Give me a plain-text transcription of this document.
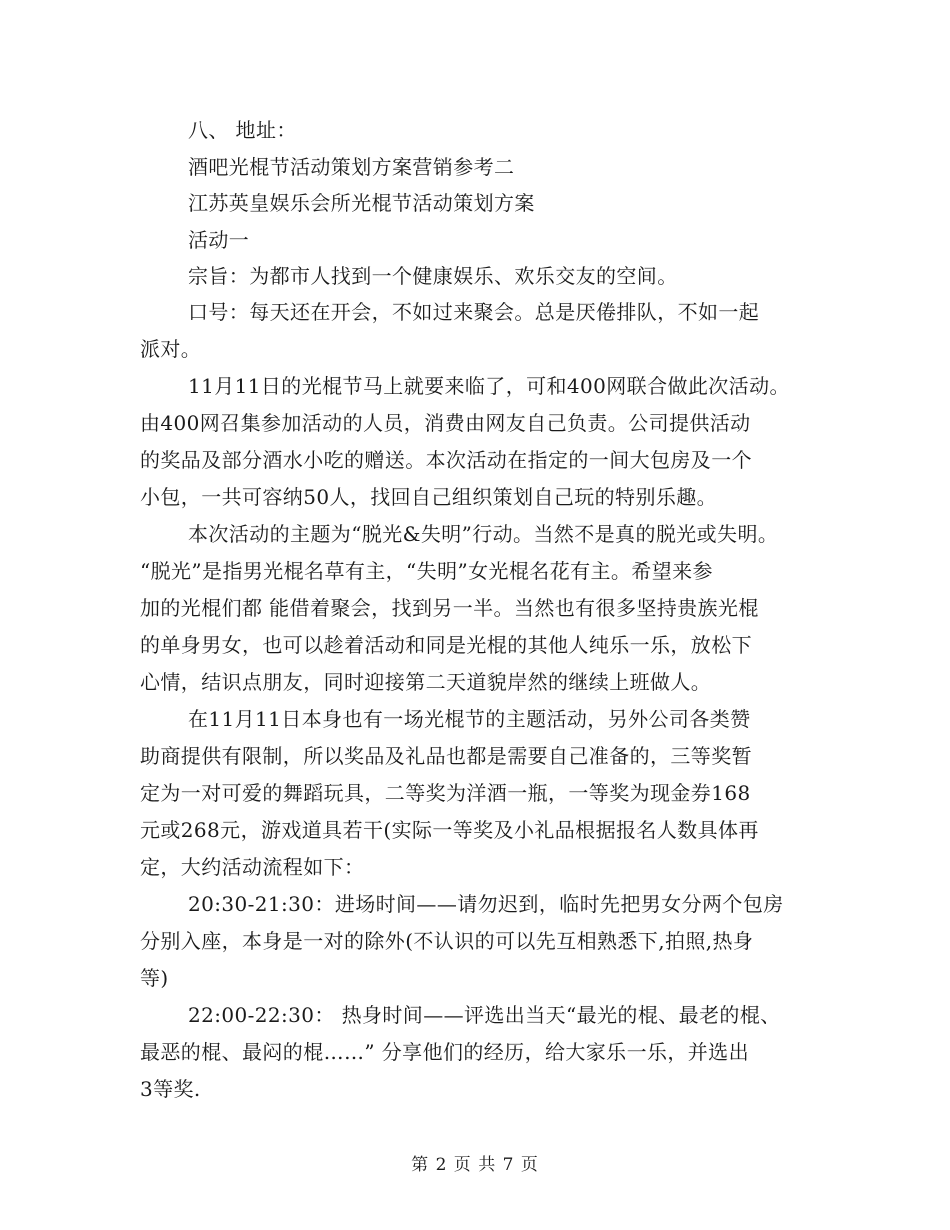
八、 地址：
酒吧光棍节活动策划方案营销参考二
江苏英皇娱乐会所光棍节活动策划方案
活动一
宗旨：为都市人找到一个健康娱乐、欢乐交友的空间。
口号：每天还在开会，不如过来聚会。总是厌倦排队，不如一起
派对。
11月11日的光棍节马上就要来临了，可和400网联合做此次活动。
由400网召集参加活动的人员，消费由网友自己负责。公司提供活动
的奖品及部分酒水小吃的赠送。本次活动在指定的一间大包房及一个
小包，一共可容纳50人，找回自己组织策划自己玩的特别乐趣。
本次活动的主题为“脱光&失明”行动。当然不是真的脱光或失明。
“脱光”是指男光棍名草有主，“失明”女光棍名花有主。希望来参
加的光棍们都 能借着聚会，找到另一半。当然也有很多坚持贵族光棍
的单身男女，也可以趁着活动和同是光棍的其他人纯乐一乐，放松下
心情，结识点朋友，同时迎接第二天道貌岸然的继续上班做人。
在11月11日本身也有一场光棍节的主题活动，另外公司各类赞
助商提供有限制，所以奖品及礼品也都是需要自己准备的，三等奖暂
定为一对可爱的舞蹈玩具，二等奖为洋酒一瓶，一等奖为现金券168
元或268元，游戏道具若干(实际一等奖及小礼品根据报名人数具体再
定，大约活动流程如下：
20:30-21:30：进场时间——请勿迟到，临时先把男女分两个包房
分别入座，本身是一对的除外(不认识的可以先互相熟悉下,拍照,热身
等)
22:00-22:30： 热身时间——评选出当天“最光的棍、最老的棍、
最恶的棍、最闷的棍……” 分享他们的经历，给大家乐一乐，并选出
3等奖.
第 2 页 共 7 页
